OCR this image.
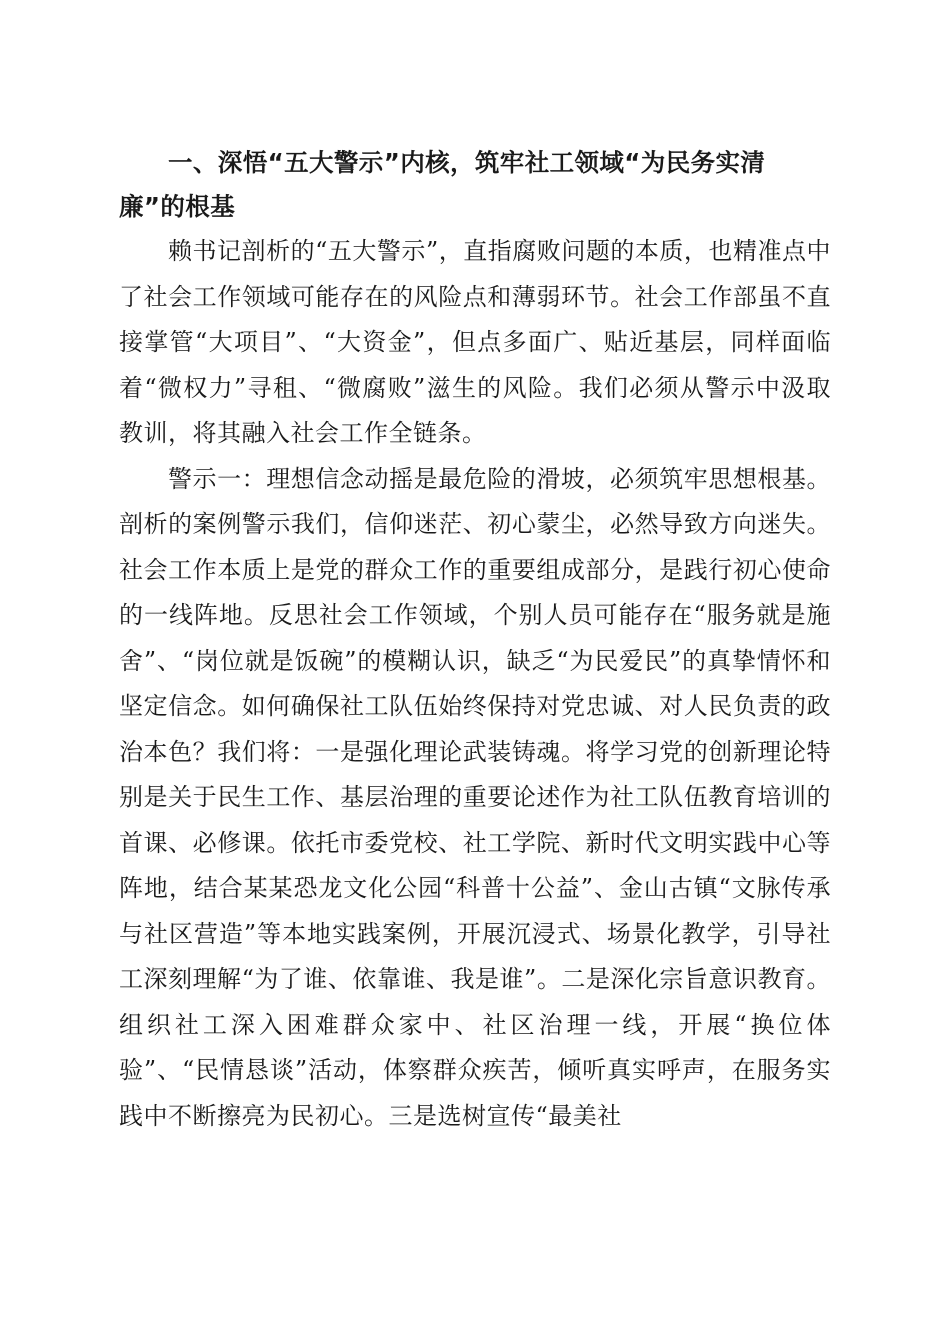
一、深悟“五大警示”内核，筑牢社工领域“为民务实清廉”的根基

赖书记剖析的“五大警示”，直指腐败问题的本质，也精准点中了社会工作领域可能存在的风险点和薄弱环节。社会工作部虽不直接掌管“大项目”、“大资金”，但点多面广、贴近基层，同样面临着“微权力”寻租、“微腐败”滋生的风险。我们必须从警示中汲取教训，将其融入社会工作全链条。

警示一：理想信念动摇是最危险的滑坡，必须筑牢思想根基。剖析的案例警示我们，信仰迷茫、初心蒙尘，必然导致方向迷失。社会工作本质上是党的群众工作的重要组成部分，是践行初心使命的一线阵地。反思社会工作领域，个别人员可能存在“服务就是施舍”、“岗位就是饭碗”的模糊认识，缺乏“为民爱民”的真挚情怀和坚定信念。如何确保社工队伍始终保持对党忠诚、对人民负责的政治本色？我们将：一是强化理论武装铸魂。将学习党的创新理论特别是关于民生工作、基层治理的重要论述作为社工队伍教育培训的首课、必修课。依托市委党校、社工学院、新时代文明实践中心等阵地，结合某某恐龙文化公园“科普十公益”、金山古镇“文脉传承与社区营造”等本地实践案例，开展沉浸式、场景化教学，引导社工深刻理解“为了谁、依靠谁、我是谁”。二是深化宗旨意识教育。组织社工深入困难群众家中、社区治理一线，开展“换位体验”、“民情恳谈”活动，体察群众疾苦，倾听真实呼声，在服务实践中不断擦亮为民初心。三是选树宣传“最美社
